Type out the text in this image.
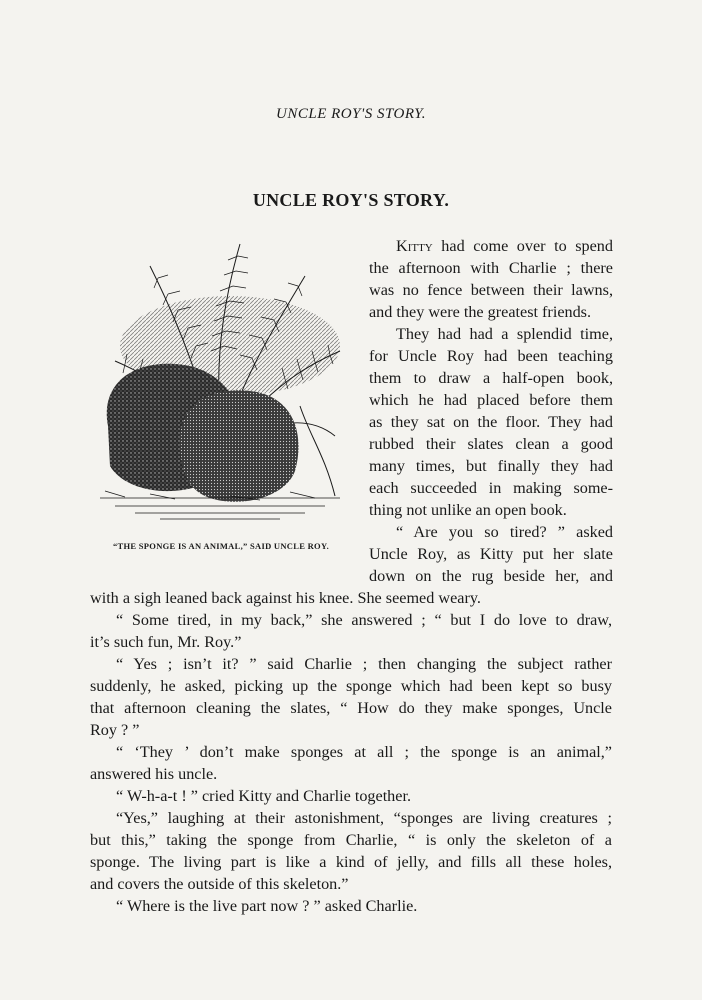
UNCLE ROY'S STORY.
UNCLE ROY'S STORY.
“THE SPONGE IS AN ANIMAL,” SAID UNCLE ROY.
Kitty had come over to spend
the afternoon with Charlie ; there
was no fence between their lawns,
and they were the greatest friends.
They had had a splendid time,
for Uncle Roy had been teaching
them to draw a half-open book,
which he had placed before them
as they sat on the floor. They had
rubbed their slates clean a good
many times, but finally they had
each succeeded in making some-
thing not unlike an open book.
“ Are you so tired? ” asked
Uncle Roy, as Kitty put her slate
down on the rug beside her, and
with a sigh leaned back against his knee. She seemed weary.
“ Some tired, in my back,” she answered ; “ but I do love to draw,
it’s such fun, Mr. Roy.”
“ Yes ; isn’t it? ” said Charlie ; then changing the subject rather
suddenly, he asked, picking up the sponge which had been kept so busy
that afternoon cleaning the slates, “ How do they make sponges, Uncle
Roy ? ”
“ ‘They ’ don’t make sponges at all ; the sponge is an animal,”
answered his uncle.
“ W-h-a-t ! ” cried Kitty and Charlie together.
“Yes,” laughing at their astonishment, “sponges are living creatures ;
but this,” taking the sponge from Charlie, “ is only the skeleton of a
sponge. The living part is like a kind of jelly, and fills all these holes,
and covers the outside of this skeleton.”
“ Where is the live part now ? ” asked Charlie.
